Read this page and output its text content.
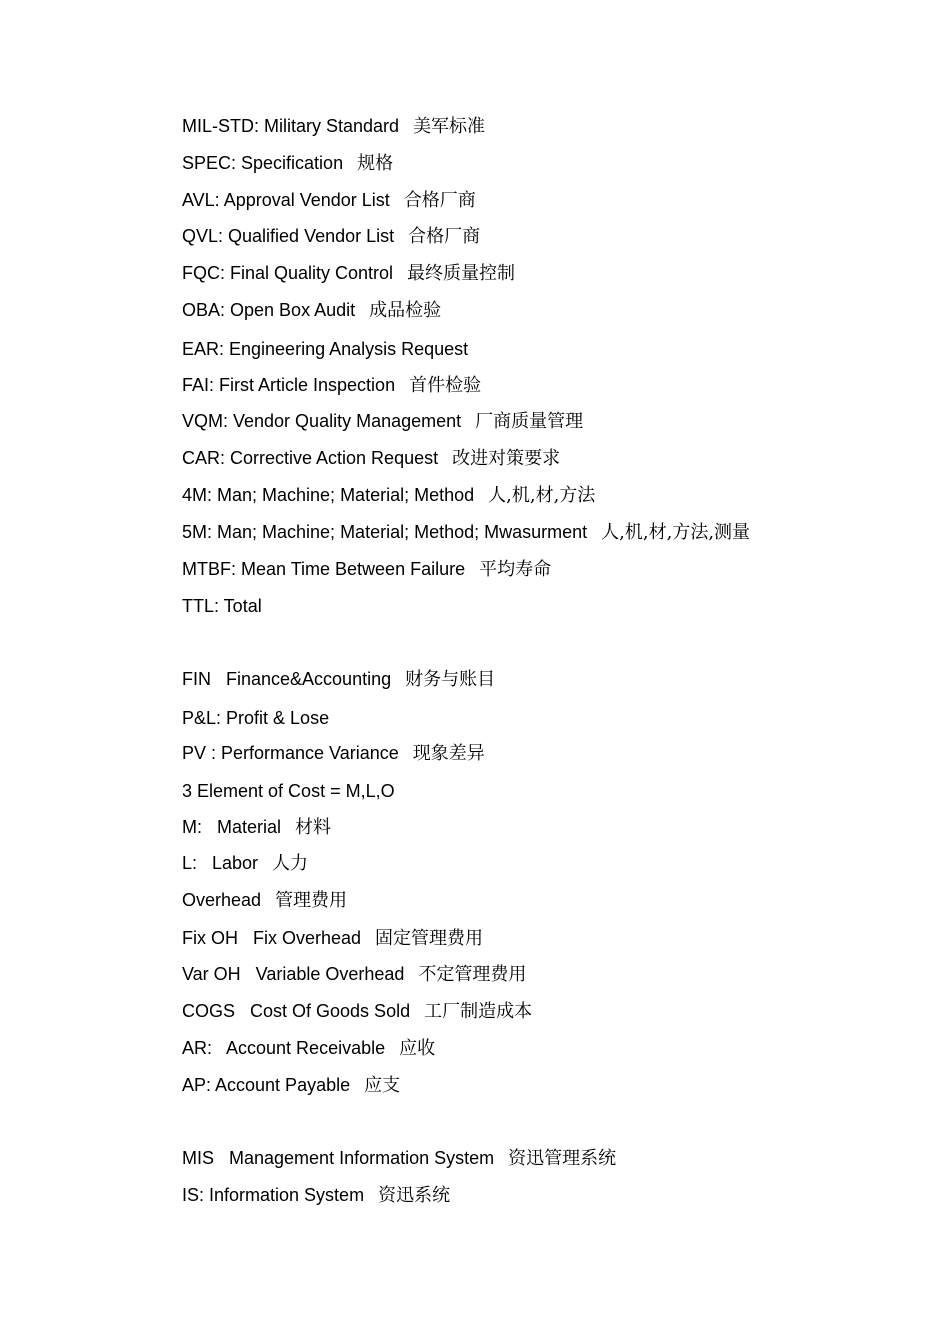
MIL-STD: Military Standard 美军标准
SPEC: Specification 规格
AVL: Approval Vendor List 合格厂商
QVL: Qualified Vendor List 合格厂商
FQC: Final Quality Control 最终质量控制
OBA: Open Box Audit 成品检验
EAR: Engineering Analysis Request
FAI: First Article Inspection 首件检验
VQM: Vendor Quality Management 厂商质量管理
CAR: Corrective Action Request 改进对策要求
4M: Man; Machine; Material; Method 人,机,材,方法
5M: Man; Machine; Material; Method; Mwasurment 人,机,材,方法,测量
MTBF: Mean Time Between Failure 平均寿命
TTL: Total
FIN   Finance&Accounting 财务与账目
P&L: Profit & Lose
PV : Performance Variance 现象差异
3 Element of Cost = M,L,O
M:   Material 材料
L:   Labor 人力
Overhead 管理费用
Fix OH   Fix Overhead 固定管理费用
Var OH   Variable Overhead 不定管理费用
COGS   Cost Of Goods Sold 工厂制造成本
AR:   Account Receivable 应收
AP: Account Payable 应支
MIS   Management Information System 资迅管理系统
IS: Information System 资迅系统
